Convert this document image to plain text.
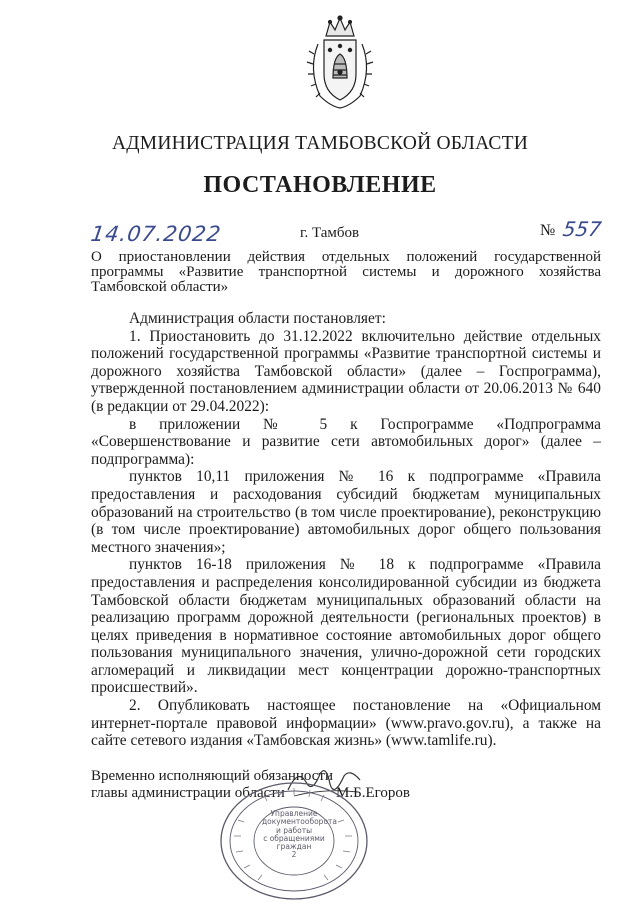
АДМИНИСТРАЦИЯ ТАМБОВСКОЙ ОБЛАСТИ
ПОСТАНОВЛЕНИЕ
14.07.2022	г. Тамбов	№ 557
О приостановлении действия отдельных положений государственной программы «Развитие транспортной системы и дорожного хозяйства Тамбовской области»

Администрация области постановляет:

1. Приостановить до 31.12.2022 включительно действие отдельных положений государственной программы «Развитие транспортной системы и дорожного хозяйства Тамбовской области» (далее – Госпрограмма), утвержденной постановлением администрации области от 20.06.2013 № 640 (в редакции от 29.04.2022):

в приложении № 5 к Госпрограмме «Подпрограмма «Совершенствование и развитие сети автомобильных дорог» (далее – подпрограмма):

пунктов 10,11 приложения № 16 к подпрограмме «Правила предоставления и расходования субсидий бюджетам муниципальных образований на строительство (в том числе проектирование), реконструкцию (в том числе проектирование) автомобильных дорог общего пользования местного значения»;

пунктов 16-18 приложения № 18 к подпрограмме «Правила предоставления и распределения консолидированной субсидии из бюджета Тамбовской области бюджетам муниципальных образований области на реализацию программ дорожной деятельности (региональных проектов) в целях приведения в нормативное состояние автомобильных дорог общего пользования муниципального значения, улично-дорожной сети городских агломераций и ликвидации мест концентрации дорожно-транспортных происшествий».

2. Опубликовать настоящее постановление на «Официальном интернет-портале правовой информации» (www.pravo.gov.ru), а также на сайте сетевого издания «Тамбовская жизнь» (www.tamlife.ru).

Временно исполняющий обязанности
главы администрации области	М.Б.Егоров
Управление
документооборота
и работы
с обращениями
граждан
2
